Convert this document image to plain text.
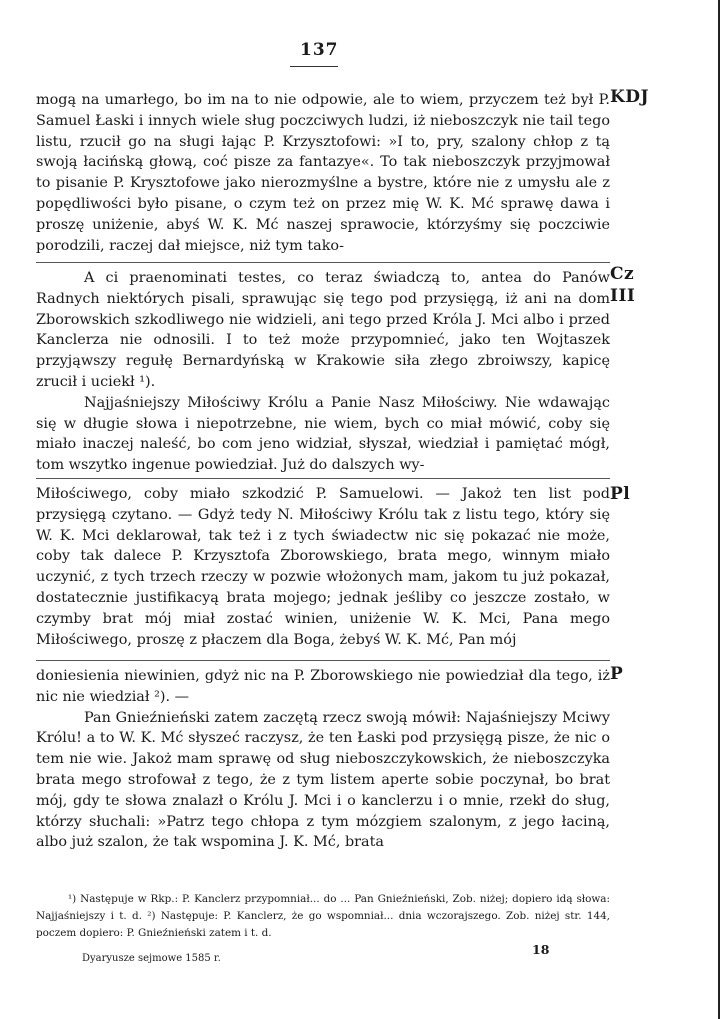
137

mogą na umarłego, bo im na to nie odpowie, ale to wiem, przyczem też był P. Samuel Łaski i innych wiele sług poczciwych ludzi, iż nieboszczyk nie tail tego listu, rzucił go na sługi łając P. Krzysztofowi: »I to, pry, szalony chłop z tą swoją łacińską głową, coć pisze za fantazye«. To tak nieboszczyk przyjmował to pisanie P. Krysztofowe jako nierozmyślne a bystre, które nie z umysłu ale z popędliwości było pisane, o czym też on przez mię W. K. Mć sprawę dawa i proszę uniżenie, abyś W. K. Mć naszej sprawocie, którzyśmy się poczciwie porodzili, raczej dał miejsce, niż tym tako-

A ci praenominati testes, co teraz świadczą to, antea do Panów Radnych niektórych pisali, sprawując się tego pod przysięgą, iż ani na dom Zborowskich szkodliwego nie widzieli, ani tego przed Króla J. Mci albo i przed Kanclerza nie odnosili. I to też może przypomnieć, jako ten Wojtaszek przyjąwszy regułę Bernardyńską w Krakowie siła złego zbroiwszy, kapicę zrucił i uciekł ¹).

Najjaśniejszy Miłościwy Królu a Panie Nasz Miłościwy. Nie wdawając się w długie słowa i niepotrzebne, nie wiem, bych co miał mówić, coby się miało inaczej naleść, bo com jeno widział, słyszał, wiedział i pamiętać mógł, tom wszytko ingenue powiedział. Już do dalszych wy-

Miłościwego, coby miało szkodzić P. Samuelowi. — Jakoż ten list pod przysięgą czytano. — Gdyż tedy N. Miłościwy Królu tak z listu tego, który się W. K. Mci deklarował, tak też i z tych świadectw nic się pokazać nie może, coby tak dalece P. Krzysztofa Zborowskiego, brata mego, winnym miało uczynić, z tych trzech rzeczy w pozwie włożonych mam, jakom tu już pokazał, dostatecznie justifikacyą brata mojego; jednak jeśliby co jeszcze zostało, w czymby brat mój miał zostać winien, uniżenie W. K. Mci, Pana mego Miłościwego, proszę z płaczem dla Boga, żebyś W. K. Mć, Pan mój

doniesienia niewinien, gdyż nic na P. Zborowskiego nie powiedział dla tego, iż nic nie wiedział ²). —

Pan Gnieźnieński zatem zaczętą rzecz swoją mówił: Najaśniejszy Mciwy Królu! a to W. K. Mć słyszeć raczysz, że ten Łaski pod przysięgą pisze, że nic o tem nie wie. Jakoż mam sprawę od sług nieboszczykowskich, że nieboszczyka brata mego strofował z tego, że z tym listem aperte sobie poczynał, bo brat mój, gdy te słowa znalazł o Królu J. Mci i o kanclerzu i o mnie, rzekł do sług, którzy słuchali: »Patrz tego chłopa z tym mózgiem szalonym, z jego łaciną, albo już szalon, że tak wspomina J. K. Mć, brata

KDJ
Cz
III
Pl
P

¹) Następuje w Rkp.: P. Kanclerz przypomniał... do ... Pan Gnieźnieński, Zob. niżej; dopiero idą słowa: Najjaśniejszy i t. d. ²) Następuje: P. Kanclerz, że go wspomniał... dnia wczorajszego. Zob. niżej str. 144, poczem dopiero: P. Gnieźnieński zatem i t. d.

18
Dyaryusze sejmowe 1585 r.
